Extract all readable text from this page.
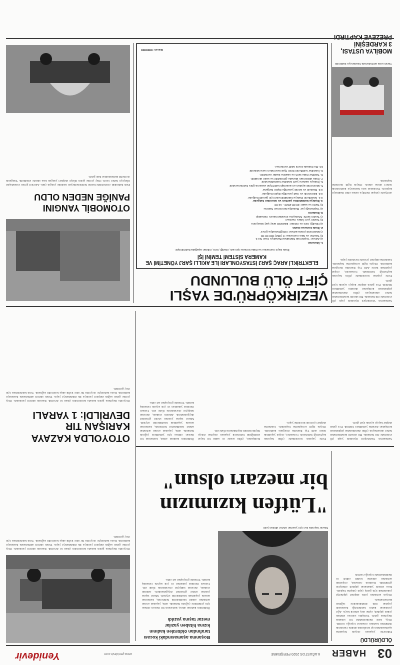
03
HABER
6 AĞUSTOS 2020 PERŞEMBE
Yenidevir	www.yenidevir.com
ÖLDÜRÜLDÜ

Edirne'de yaşanan olayda boşanma aşamasındaki eşi tarafından silahla vurularak öldürülen kadının cenazesi toprağa verildi. Olay, kent merkezindeki bir sokakta meydana geldi. Tartışma sonrası silahını çeken şüpheli, eşine ateş ederek kaçtı. Ağır yaralanan kadın kaldırıldığı hastanede yapılan tüm müdahalelere rağmen kurtarılamadı.

Olayın ardından polis ekipleri şüpheliyi yakalamak için geniş çaplı çalışma başlattı. Kısa sürede yakalanan şüpheli emniyete götürüldü. Kadının cenazesi, otopsinin ardından ailesine teslim edildi ve memleketinde toprağa verildi.

Mezar taşında kızı için yazılan sözler dikkat çekti
Boşanma aşamasındaki kocası
tarafından öldürülen kadının
kızına hitaben yazılar
mezar taşına yazıldı
Öldürülen kadının ailesi, kızlarının bir mezarı olması için yetkililere çağrıda bulundu. Aile, yaşanan acının ardından adalet istediklerini belirterek, kızlarının anısını yaşatmak istediklerini söyledi. Mezar taşına yazılan sözler görenleri duygulandırdı. Ailenin avukatı, davanın takipçisi olacaklarını ifade etti. Cenaze törenine yakınları ve çok sayıda vatandaş katıldı. Törende gözyaşları sel oldu.
"Lütfen kızımızın bir mezarı olsun"
Otoyolda meydana gelen kazada kontrolden çıkan tır devrildi. Kazada sürücü yaralandı. Olay yerine gelen sağlık ekipleri yaralıya ilk müdahaleyi yaptı. Yaralı sürücü ambulansla hastaneye kaldırıldı. Kaza nedeniyle otoyolda bir süre trafik akışı kontrollü sağlandı. Tırın kaldırılması için vinç getirildi.
Samsun'un Vezirköprü ilçesinde yaşlı çift evlerinde ölü bulundu. Bir süredir kendilerinden haber alınamayan çiftin durumundan şüphelenen komşuları durumu yetkililere bildirdi. Eve gelen ekipler kapıyı açarak içeri girdi.
Evde yapılan incelemede çiftin hayatını kaybettiği belirlendi. Cenazeler, otopsi yapılmak üzere Adli Tıp Kurumu morguna kaldırıldı. Olayla ilgili soruşturma başlatıldı. Jandarma ekipleri çevrede inceleme yaptı.
Komşuları, çiftin sessiz ve sakin bir hayat sürdüğünü belirterek yaşanan olaydan dolayı büyük üzüntü duyduklarını ifade etti.
Öldürülen kadının ailesi, kızlarının bir mezarı olması için yetkililere çağrıda bulundu. Aile, yaşanan acının ardından adalet istediklerini belirterek, kızlarının anısını yaşatmak istediklerini söyledi. Mezar taşına yazılan sözler görenleri duygulandırdı. Ailenin avukatı, davanın takipçisi olacaklarını ifade etti. Cenaze törenine yakınları ve çok sayıda vatandaş katıldı. Törende gözyaşları sel oldu.
OTOYOLDA KAZAYA
KARIŞAN TIR
DEVRİLDİ: 1 YARALI
Otoyolda meydana gelen kazada kontrolden çıkan tır devrildi. Kazada sürücü yaralandı. Olay yerine gelen sağlık ekipleri yaralıya ilk müdahaleyi yaptı. Yaralı sürücü ambulansla hastaneye kaldırıldı. Kaza nedeniyle otoyolda bir süre trafik akışı kontrollü sağlandı. Tırın kaldırılması için vinç getirildi.
VEZİRKÖPRÜ'DE YAŞLI ÇİFT ÖLÜ BULUNDU

Samsun'un Vezirköprü ilçesinde yaşlı çift evlerinde ölü bulundu. Bir süredir kendilerinden haber alınamayan çiftin durumundan şüphelenen komşuları durumu yetkililere bildirdi. Eve gelen ekipler kapıyı açarak içeri girdi.

Evde yapılan incelemede çiftin hayatını kaybettiği belirlendi. Cenazeler, otopsi yapılmak üzere Adli Tıp Kurumu morguna kaldırıldı. Olayla ilgili soruşturma başlatıldı. Jandarma ekipleri çevrede inceleme yaptı.

ELEKTRİKLİ ARAÇ ŞARJ İSTASYONLARI İLE AKILLI ŞARJ YÖNETİMİ VE KAMERA SİSTEMİ TEMİNİ İŞİ
İhale kayıt numarası ve ihale konusu işin adı, niteliği, türü, miktarı aşağıda belirtilmiştir.
1- İdarenin
a) Adresi: Yeşilırmak Mahallesi Belediye Cad. No:1
b) Telefon ve faks numarası: 0 (362) 000 00 00
c) Elektronik posta adresi: info@belediye.gov.tr
2- İhale konusu malın
a) Niteliği, türü ve miktarı: Elektrikli araç şarj istasyonu
b) Teslim yeri: İdare merkezi
c) Teslim tarihi: Sözleşme imzalanmasını müteakip
3- İhalenin
a) Yapılacağı yer: Belediye Encümen Salonu
b) Tarihi ve saati: 20.08.2020 - 11:00
4- İhaleye katılabilme şartları ve istenilen belgeler
4.1. İsteklilerin ihaleye katılabilmeleri için gerekli belgeler
4.2. Ekonomik ve mali yeterliğe ilişkin belgeler
4.3. Mesleki ve teknik yeterliğe ilişkin belgeler
5- Ekonomik açıdan en avantajlı teklif fiyat esasına göre belirlenecektir.
6- İhaleye sadece yerli istekliler katılabilecektir.
7- İhale dokümanı idarede görülebilir ve satın alınabilir.
8- Teklifler ihale tarih ve saatine kadar verilebilir.
9- İstekliler tekliflerini birim fiyat üzerinden vereceklerdir.
10- Bu ihalede kısmi teklif verilemez.
Basın: 0000000
OTOMOBİL YANGINI
PANİĞE NEDEN OLDU
Park halindeki otomobilde henüz belirlenemeyen nedenle yangın çıktı. Alevleri gören vatandaşlar itfaiyeye haber verdi. Olay yerine gelen itfaiye ekipleri yangını kısa sürede söndürdü. Yangında otomobil kullanılamaz hale geldi.
Yaralı usta ambulansla hastaneye kaldırıldı
MOBİLYA USTASI,
3 KARDEŞİNİ
PREZEVE KAPTIRDI
Atölyede çalışan mobilya ustası elini makineye kaptırdı. Yaralanan usta hastaneye kaldırılarak tedavi altına alındı. Olayla ilgili inceleme başlatıldı.
